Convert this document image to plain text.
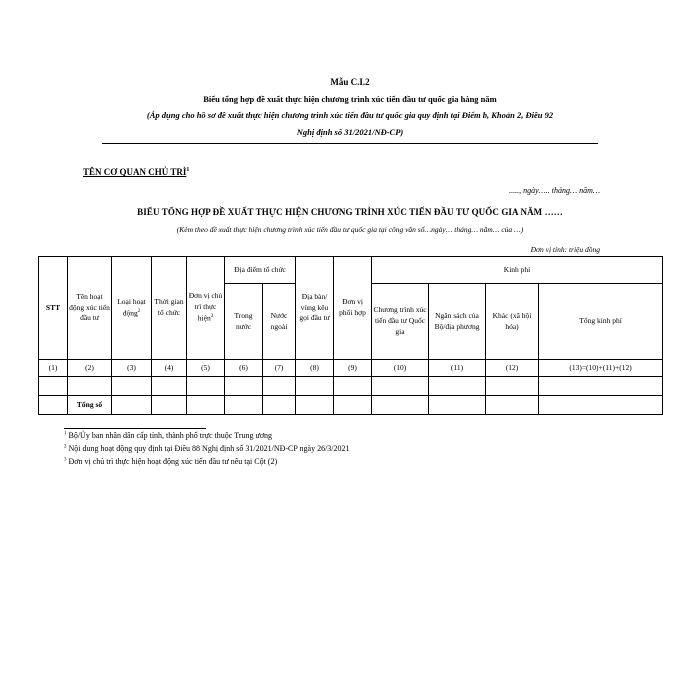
Mẫu C.I.2
Biểu tổng hợp đề xuất thực hiện chương trình xúc tiến đầu tư quốc gia hàng năm
(Áp dụng cho hồ sơ đề xuất thực hiện chương trình xúc tiến đầu tư quốc gia quy định tại Điểm b, Khoản 2, Điều 92
Nghị định số 31/2021/NĐ-CP)
TÊN CƠ QUAN CHỦ TRÌ$^1$
....., ngày….. tháng… năm…
BIỂU TỔNG HỢP ĐỀ XUẤT THỰC HIỆN CHƯƠNG TRÌNH XÚC TIẾN ĐẦU TƯ QUỐC GIA NĂM ……
(Kèm theo đề xuất thực hiện chương trình xúc tiến đầu tư quốc gia tại công văn số…ngày… tháng… năm… của …)
Đơn vị tính: triệu đồng
STT	Tên hoạt động xúc tiến đầu tư	Loại hoạt động$^2$	Thời gian tổ chức	Đơn vị chủ trì thực hiện$^3$	Địa điểm tổ chức		Địa bàn/ vùng kêu gọi đầu tư	Đơn vị phối hợp	Kinh phí			
					Trong nước	Nước ngoài			Chương trình xúc tiến đầu tư Quốc gia	Ngân sách của Bộ/địa phương	Khác (xã hội hóa)	Tổng kinh phí
(1)	(2)	(3)	(4)	(5)	(6)	(7)	(8)	(9)	(10)	(11)	(12)	(13)=(10)+(11)+(12)

	Tổng số											
$^1$ Bộ/Ủy ban nhân dân cấp tỉnh, thành phố trực thuộc Trung ương
$^2$ Nội dung hoạt động quy định tại Điều 88 Nghị định số 31/2021/NĐ-CP ngày 26/3/2021
$^3$ Đơn vị chủ trì thực hiện hoạt động xúc tiến đầu tư nêu tại Cột (2)
